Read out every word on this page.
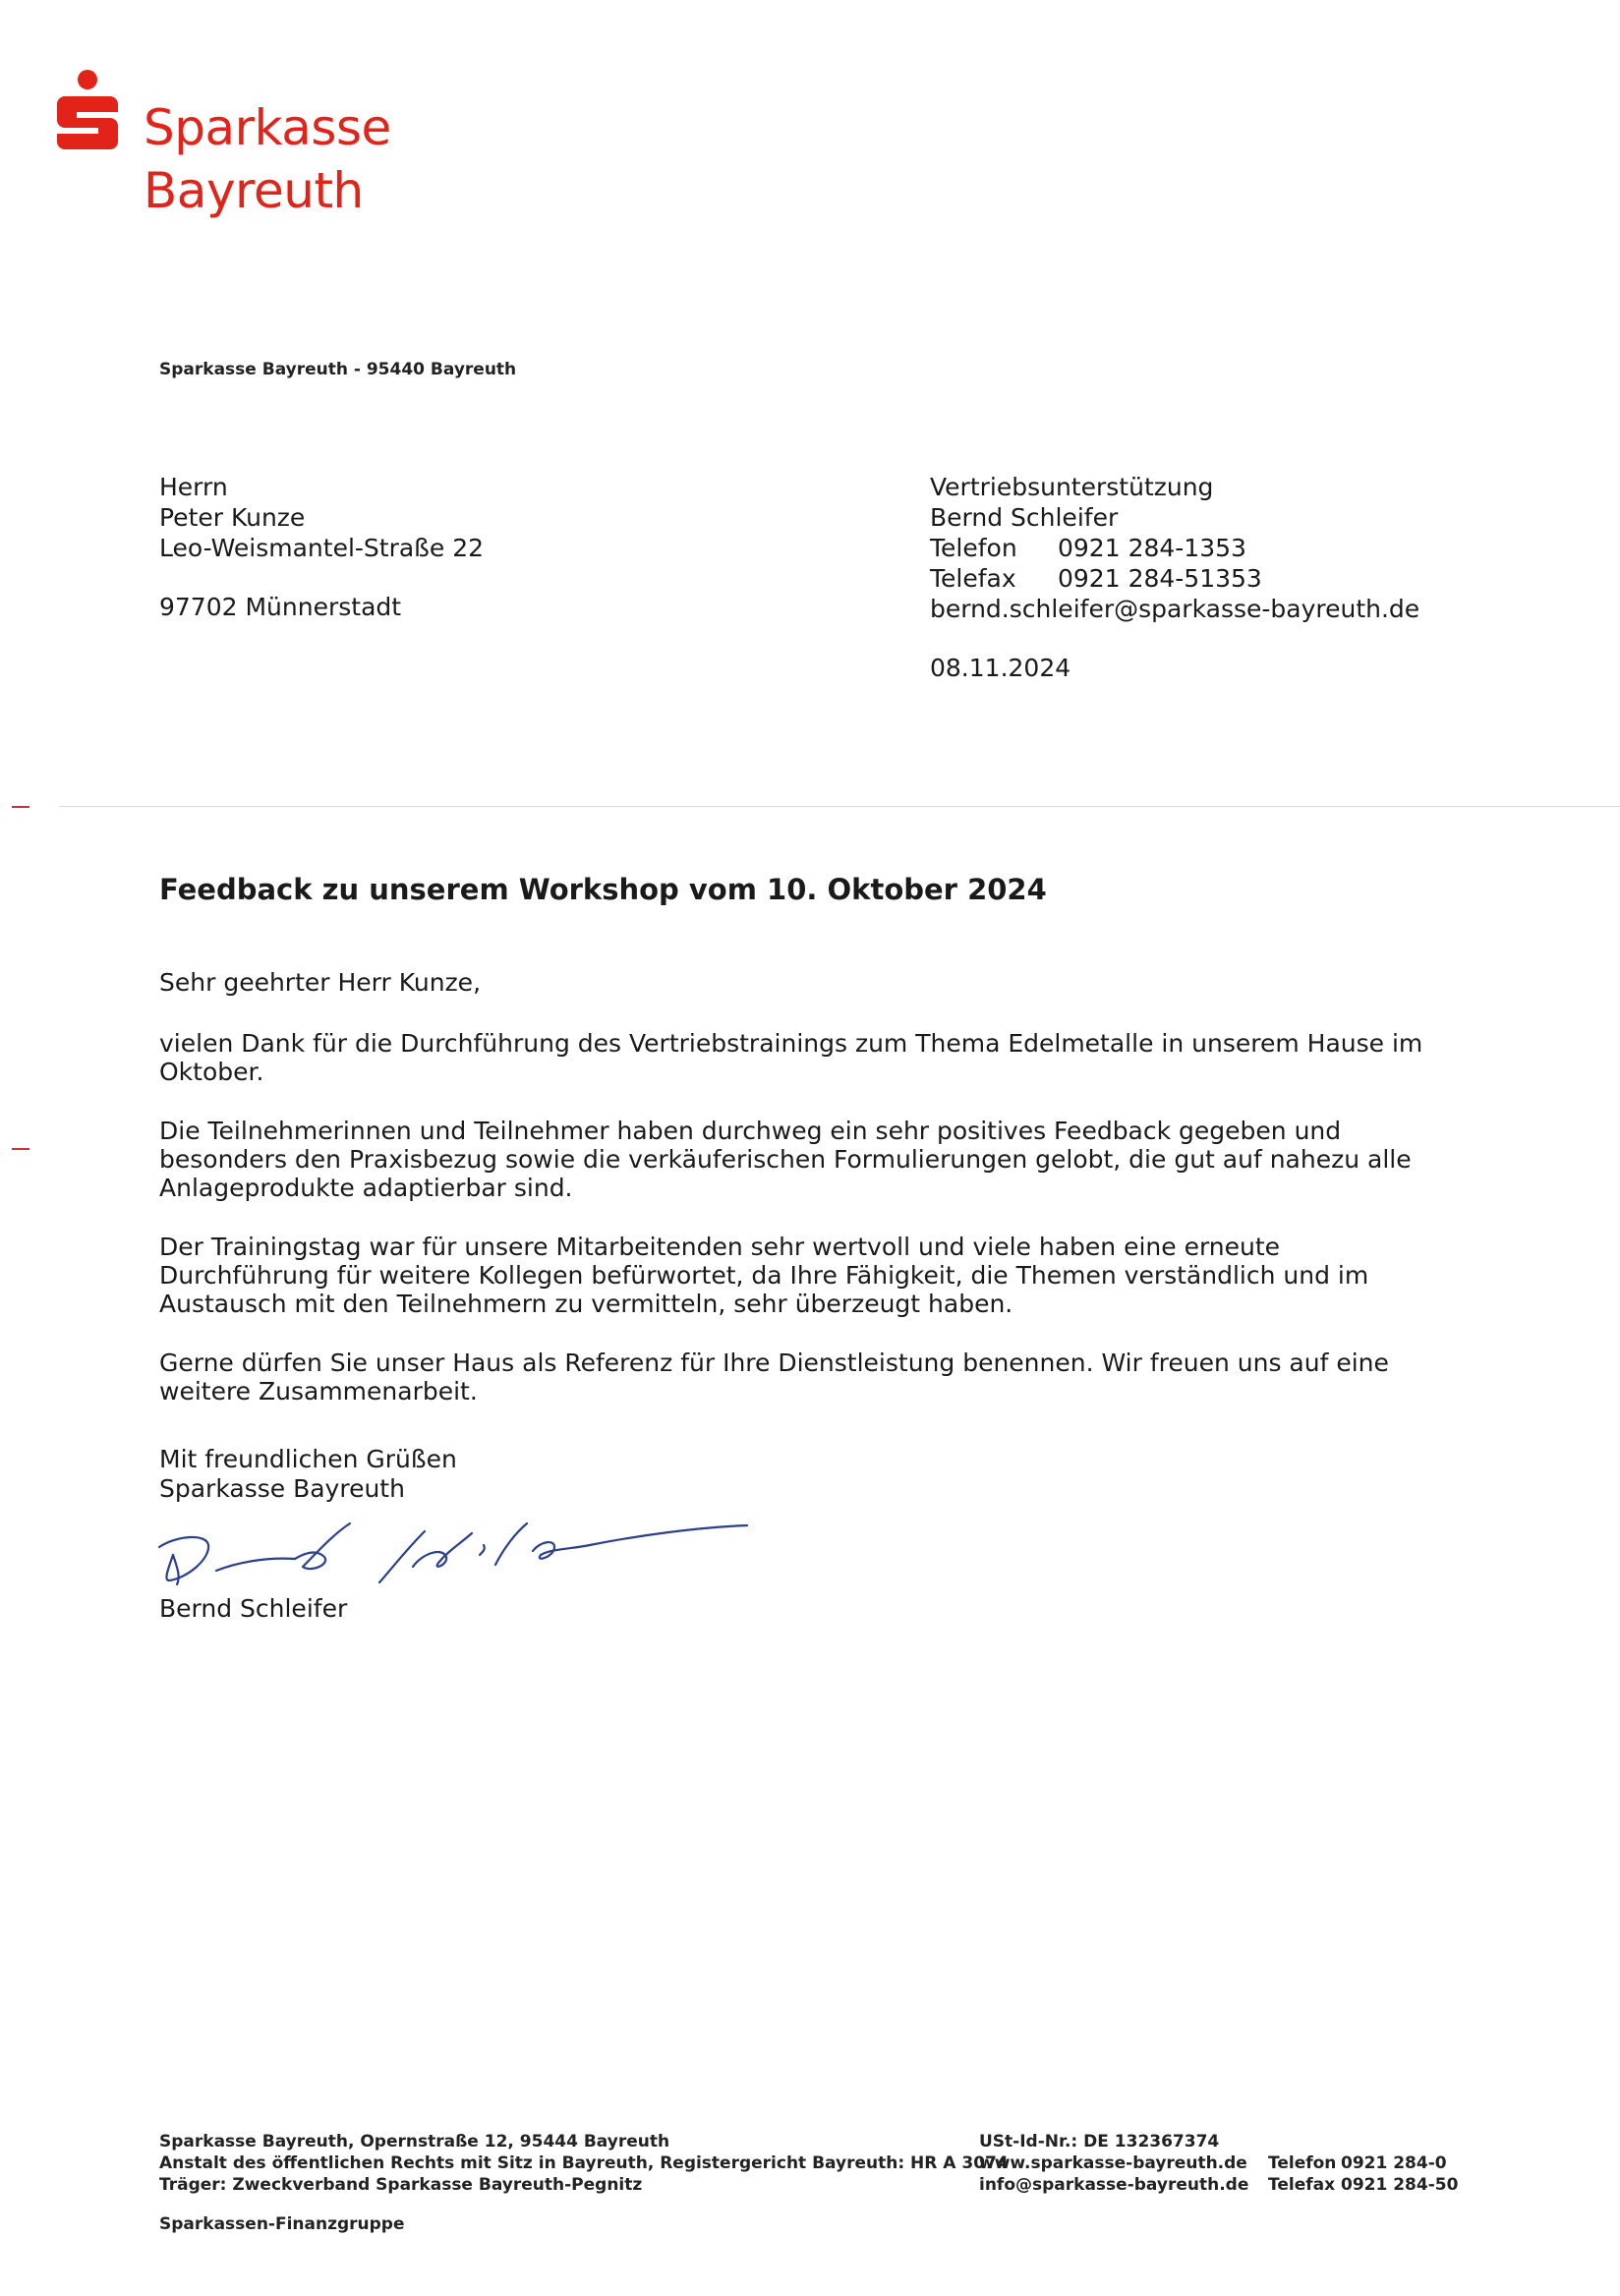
Sparkasse
Bayreuth
Sparkasse Bayreuth - 95440 Bayreuth
Herrn
Peter Kunze
Leo-Weismantel-Straße 22
97702 Münnerstadt
Vertriebsunterstützung
Bernd Schleifer
Telefon 0921 284-1353
Telefax 0921 284-51353
bernd.schleifer@sparkasse-bayreuth.de
08.11.2024
Feedback zu unserem Workshop vom 10. Oktober 2024

Sehr geehrter Herr Kunze,

vielen Dank für die Durchführung des Vertriebstrainings zum Thema Edelmetalle in unserem Hause im Oktober.

Die Teilnehmerinnen und Teilnehmer haben durchweg ein sehr positives Feedback gegeben und besonders den Praxisbezug sowie die verkäuferischen Formulierungen gelobt, die gut auf nahezu alle Anlageprodukte adaptierbar sind.

Der Trainingstag war für unsere Mitarbeitenden sehr wertvoll und viele haben eine erneute Durchführung für weitere Kollegen befürwortet, da Ihre Fähigkeit, die Themen verständlich und im Austausch mit den Teilnehmern zu vermitteln, sehr überzeugt haben.

Gerne dürfen Sie unser Haus als Referenz für Ihre Dienstleistung benennen. Wir freuen uns auf eine weitere Zusammenarbeit.

Mit freundlichen Grüßen
Sparkasse Bayreuth
Bernd Schleifer
Sparkasse Bayreuth, Opernstraße 12, 95444 Bayreuth
Anstalt des öffentlichen Rechts mit Sitz in Bayreuth, Registergericht Bayreuth: HR A 3074
Träger: Zweckverband Sparkasse Bayreuth-Pegnitz
USt-Id-Nr.: DE 132367374
www.sparkasse-bayreuth.de
info@sparkasse-bayreuth.de
Telefon 0921 284-0
Telefax 0921 284-50
Sparkassen-Finanzgruppe
